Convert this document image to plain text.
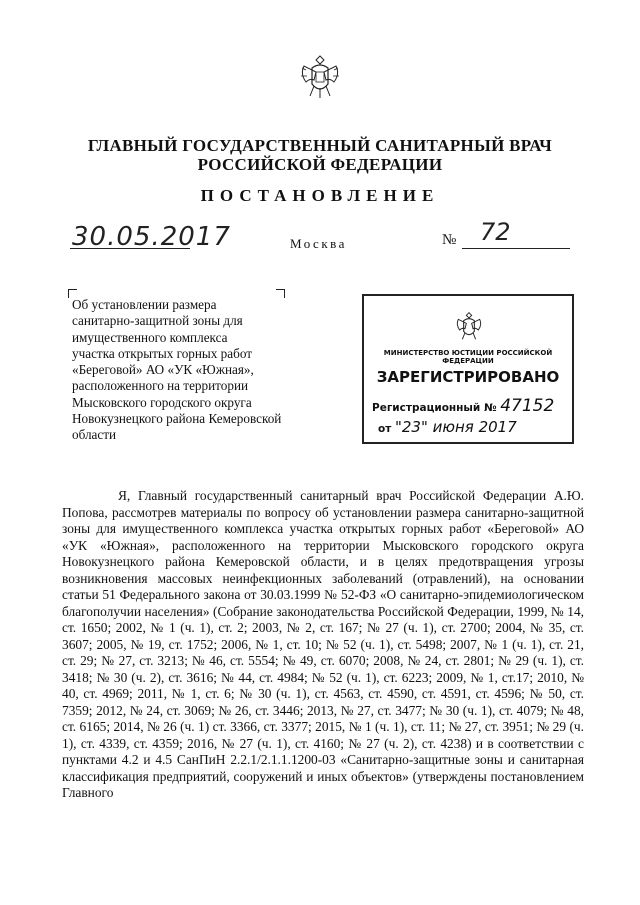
ГЛАВНЫЙ ГОСУДАРСТВЕННЫЙ САНИТАРНЫЙ ВРАЧ
РОССИЙСКОЙ ФЕДЕРАЦИИ
ПОСТАНОВЛЕНИЕ
30.05.2017	Москва	№ 72
Об установлении размера
санитарно-защитной зоны для
имущественного комплекса
участка открытых горных работ
«Береговой» АО «УК «Южная»,
расположенного на территории
Мысковского городского округа
Новокузнецкого района Кемеровской
области
МИНИСТЕРСТВО ЮСТИЦИИ РОССИЙСКОЙ ФЕДЕРАЦИИ
ЗАРЕГИСТРИРОВАНО
Регистрационный № 47152
от "23" июня 2017

Я, Главный государственный санитарный врач Российской Федерации А.Ю. Попова, рассмотрев материалы по вопросу об установлении размера санитарно-защитной зоны для имущественного комплекса участка открытых горных работ «Береговой» АО «УК «Южная», расположенного на территории Мысковского городского округа Новокузнецкого района Кемеровской области, и в целях предотвращения угрозы возникновения массовых неинфекционных заболеваний (отравлений), на основании статьи 51 Федерального закона от 30.03.1999 № 52-ФЗ «О санитарно-эпидемиологическом благополучии населения» (Собрание законодательства Российской Федерации, 1999, № 14, ст. 1650; 2002, № 1 (ч. 1), ст. 2; 2003, № 2, ст. 167; № 27 (ч. 1), ст. 2700; 2004, № 35, ст. 3607; 2005, № 19, ст. 1752; 2006, № 1, ст. 10; № 52 (ч. 1), ст. 5498; 2007, № 1 (ч. 1), ст. 21, ст. 29; № 27, ст. 3213; № 46, ст. 5554; № 49, ст. 6070; 2008, № 24, ст. 2801; № 29 (ч. 1), ст. 3418; № 30 (ч. 2), ст. 3616; № 44, ст. 4984; № 52 (ч. 1), ст. 6223; 2009, № 1, ст.17; 2010, № 40, ст. 4969; 2011, № 1, ст. 6; № 30 (ч. 1), ст. 4563, ст. 4590, ст. 4591, ст. 4596; № 50, ст. 7359; 2012, № 24, ст. 3069; № 26, ст. 3446; 2013, № 27, ст. 3477; № 30 (ч. 1), ст. 4079; № 48, ст. 6165; 2014, № 26 (ч. 1) ст. 3366, ст. 3377; 2015, № 1 (ч. 1), ст. 11; № 27, ст. 3951; № 29 (ч. 1), ст. 4339, ст. 4359; 2016, № 27 (ч. 1), ст. 4160; № 27 (ч. 2), ст. 4238) и в соответствии с пунктами 4.2 и 4.5 СанПиН 2.2.1/2.1.1.1200-03 «Санитарно-защитные зоны и санитарная классификация предприятий, сооружений и иных объектов» (утверждены постановлением Главного
